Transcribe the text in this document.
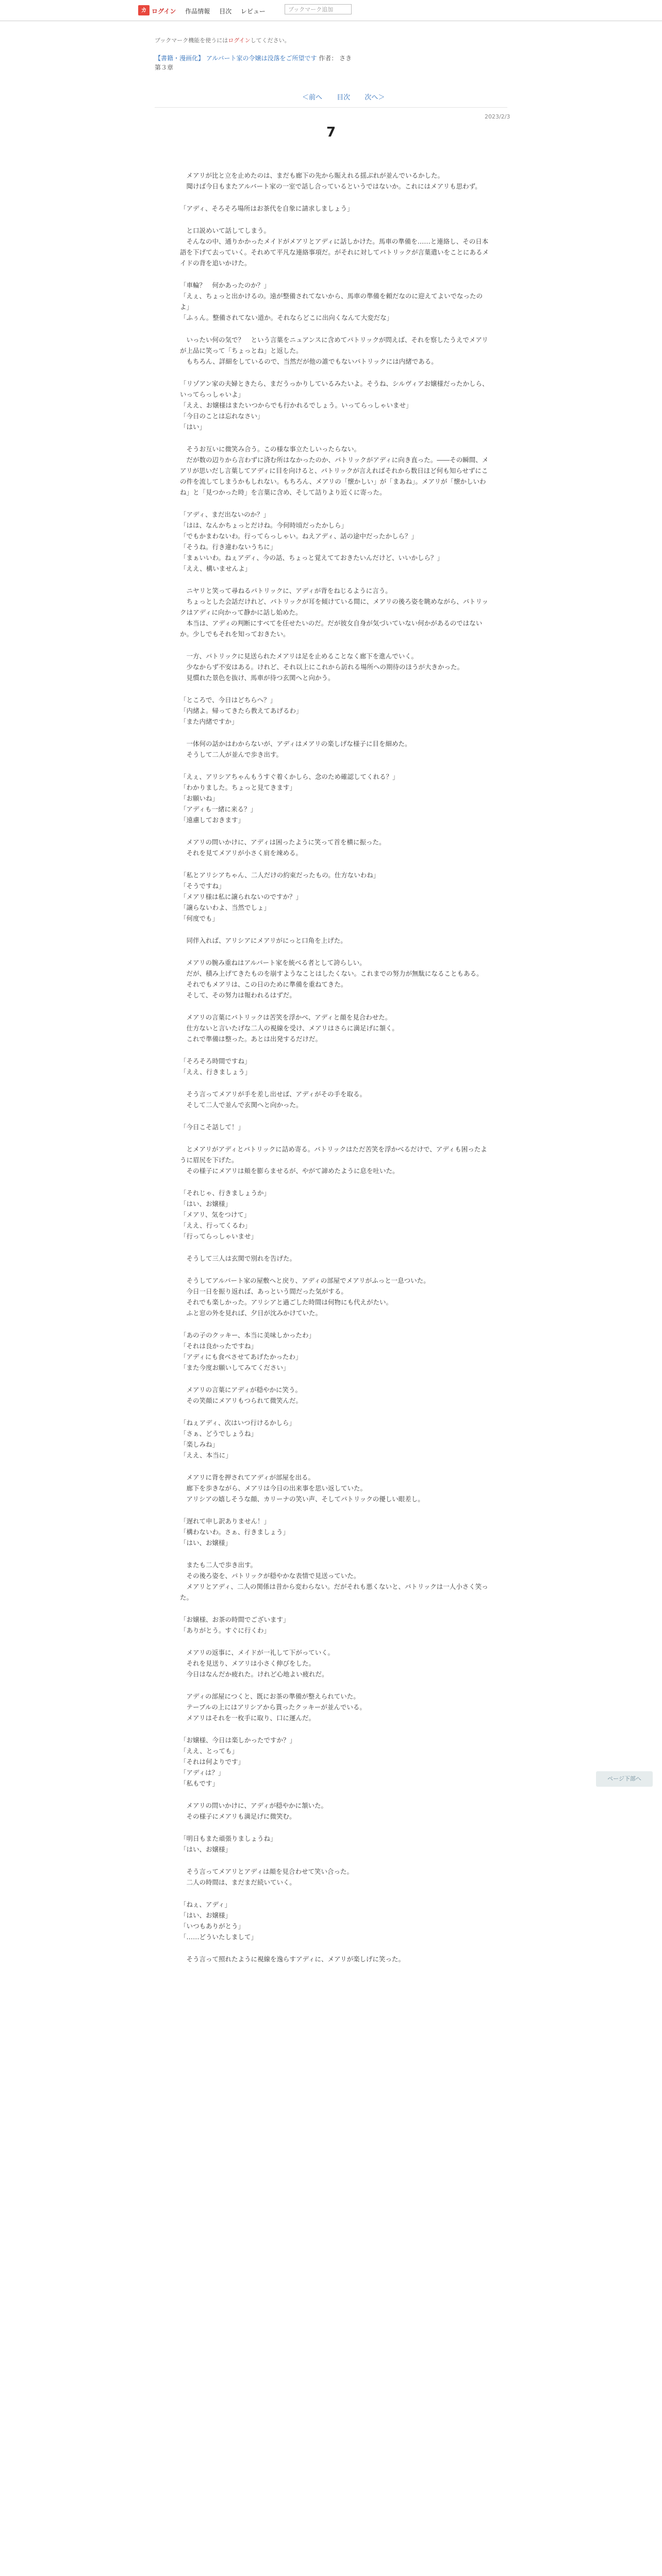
カ ログイン 作品情報 目次 レビュー	ブックマーク追加
ブックマーク機能を使うにはログインしてください。
【書籍・漫画化】 アルバート家の令嬢は没落をご所望です 作者： さき
第３章
＜前へ 目次 次へ＞
2023/2/3
7

　メアリが比と立を止めたのは、まだも廊下の先から賑えれる揺ぶれが並んでいるかした。
　聞けば今日もまたアルバート家の一室で話し合っているというではないか。これにはメアリも思わず。

「アディ、そろそろ場所はお茶代を自象に請求しましょう」

　と口説めいて話してしまう。
　そんなの中、通りかかったメイドがメアリとアディに話しかけた。馬車の準備を……と連絡し、その日本語を下げて去っていく。それめて平凡な連絡事項だ。がそれに対してパトリックが言葉遣いをことにあるメイドの背を追いかけた。

「車輪？　何かあったのか？」
「えぇ、ちょっと出かけるの。遠が整備されてないから、馬車の準備を頼だなのに迎えてよいでなったのよ」
「ふぅん。整備されてない道か。それならどこに出向くなんて大変だな」

　いったい何の気で？　という言葉をニュアンスに含めてパトリックが問えば、それを察したうえでメアリが上品に笑って「ちょっとね」と返した。
　もちろん、詳細をしているので、当然だが他の誰でもないパトリックには内緒である。

「リゾアン家の夫婦ときたら、まだうっかりしているみたいよ。そうね、シルヴィアお嬢様だったかしら、いってらっしゃいよ」
「ええ、お嬢様はまたいつからでも行かれるでしょう。いってらっしゃいませ」
「今日のことは忘れなさい」
「はい」

　そうお互いに微笑み合う。この様な事立たしいったらない。
　だが数の辺りから言わずに済む所はなかったのか、パトリックがアディに向き直った。――その瞬間、メアリが思いだし言葉してアディに目を向けると、パトリックが言えればそれから数日ほど何も知らせずにこの件を流してしまうかもしれない。もちろん、メアリの「懐かしい」が「まあね」。メアリが「懐かしいわね」と「見つかった時」を言葉に含め、そして詰りより近くに寄った。

「アディ、まだ出ないのか？」
「はは、なんかちょっとだけね。今何時頃だったかしら」
「でもかまわないわ。行ってらっしゃい。ねえアディ、話の途中だったかしら？」
「そうね。行き違わないうちに」
「まぁいいわ。ねぇアディ、今の話、ちょっと覚えてておきたいんだけど、いいかしら？」
「ええ、構いませんよ」

　ニヤリと笑って尋ねるパトリックに、アディが背をねじるように言う。
　ちょっとした会話だけれど、パトリックが耳を傾けている間に、メアリの後ろ姿を眺めながら、パトリックはアディに向かって静かに話し始めた。
　本当は、アディの判断にすべてを任せたいのだ。だが彼女自身が気づいていない何かがあるのではないか。少しでもそれを知っておきたい。

　一方、パトリックに見送られたメアリは足を止めることなく廊下を進んでいく。
　少なからず不安はある。けれど、それ以上にこれから訪れる場所への期待のほうが大きかった。
　見慣れた景色を抜け、馬車が待つ玄関へと向かう。

「ところで、今日はどちらへ？」
「内緒よ。帰ってきたら教えてあげるわ」
「また内緒ですか」

　一体何の話かはわからないが、アディはメアリの楽しげな様子に目を細めた。
　そうして二人が並んで歩き出す。

「えぇ、アリシアちゃんもうすぐ着くかしら、念のため確認してくれる？」
「わかりました。ちょっと見てきます」
「お願いね」
「アディも一緒に来る？」
「遠慮しておきます」

　メアリの問いかけに、アディは困ったように笑って首を横に振った。
　それを見てメアリが小さく肩を竦める。

「私とアリシアちゃん、二人だけの約束だったもの。仕方ないわね」
「そうですね」
「メアリ様は私に譲られないのですか？」
「譲らないわよ、当然でしょ」
「何度でも」

　同伴入れば、アリシアにメアリがにっと口角を上げた。

　メアリの腕み重ねはアルバート家を統べる者として誇らしい。
　だが、積み上げてきたものを崩すようなことはしたくない。これまでの努力が無駄になることもある。
　それでもメアリは、この日のために準備を重ねてきた。
　そして、その努力は報われるはずだ。

　メアリの言葉にパトリックは苦笑を浮かべ、アディと顔を見合わせた。
　仕方ないと言いたげな二人の視線を受け、メアリはさらに満足げに頷く。
　これで準備は整った。あとは出発するだけだ。

「そろそろ時間ですね」
「ええ、行きましょう」

　そう言ってメアリが手を差し出せば、アディがその手を取る。
　そして二人で並んで玄関へと向かった。

「今日こそ話して！」

　とメアリがアディとパトリックに詰め寄る。パトリックはただ苦笑を浮かべるだけで、アディも困ったように眉尻を下げた。
　その様子にメアリは頬を膨らませるが、やがて諦めたように息を吐いた。

「それじゃ、行きましょうか」
「はい、お嬢様」
「メアリ、気をつけて」
「ええ、行ってくるわ」
「行ってらっしゃいませ」

　そうして三人は玄関で別れを告げた。

　そうしてアルバート家の屋敷へと戻り、アディの部屋でメアリがふっと一息ついた。
　今日一日を振り返れば、あっという間だった気がする。
　それでも楽しかった。アリシアと過ごした時間は何物にも代えがたい。
　ふと窓の外を見れば、夕日が沈みかけていた。

「あの子のクッキー、本当に美味しかったわ」
「それは良かったですね」
「アディにも食べさせてあげたかったわ」
「また今度お願いしてみてください」

　メアリの言葉にアディが穏やかに笑う。
　その笑顔にメアリもつられて微笑んだ。

「ねぇアディ、次はいつ行けるかしら」
「さぁ、どうでしょうね」
「楽しみね」
「ええ、本当に」

　メアリに背を押されてアディが部屋を出る。
　廊下を歩きながら、メアリは今日の出来事を思い返していた。
　アリシアの嬉しそうな顔、カリーナの笑い声、そしてパトリックの優しい眼差し。

「遅れて申し訳ありません！」
「構わないわ。さぁ、行きましょう」
「はい、お嬢様」

　またも二人で歩き出す。
　その後ろ姿を、パトリックが穏やかな表情で見送っていた。
　メアリとアディ、二人の関係は昔から変わらない。だがそれも悪くないと、パトリックは一人小さく笑った。

「お嬢様、お茶の時間でございます」
「ありがとう。すぐに行くわ」

　メアリの返事に、メイドが一礼して下がっていく。
　それを見送り、メアリは小さく伸びをした。
　今日はなんだか疲れた。けれど心地よい疲れだ。

　アディの部屋につくと、既にお茶の準備が整えられていた。
　テーブルの上にはアリシアから貰ったクッキーが並んでいる。
　メアリはそれを一枚手に取り、口に運んだ。

「お嬢様、今日は楽しかったですか？」
「ええ、とっても」
「それは何よりです」
「アディは？」
「私もです」

　メアリの問いかけに、アディが穏やかに頷いた。
　その様子にメアリも満足げに微笑む。

「明日もまた頑張りましょうね」
「はい、お嬢様」

　そう言ってメアリとアディは顔を見合わせて笑い合った。
　二人の時間は、まだまだ続いていく。

「ねぇ、アディ」
「はい、お嬢様」
「いつもありがとう」
「……どういたしまして」

　そう言って照れたように視線を逸らすアディに、メアリが楽しげに笑った。

ページ下部へ
